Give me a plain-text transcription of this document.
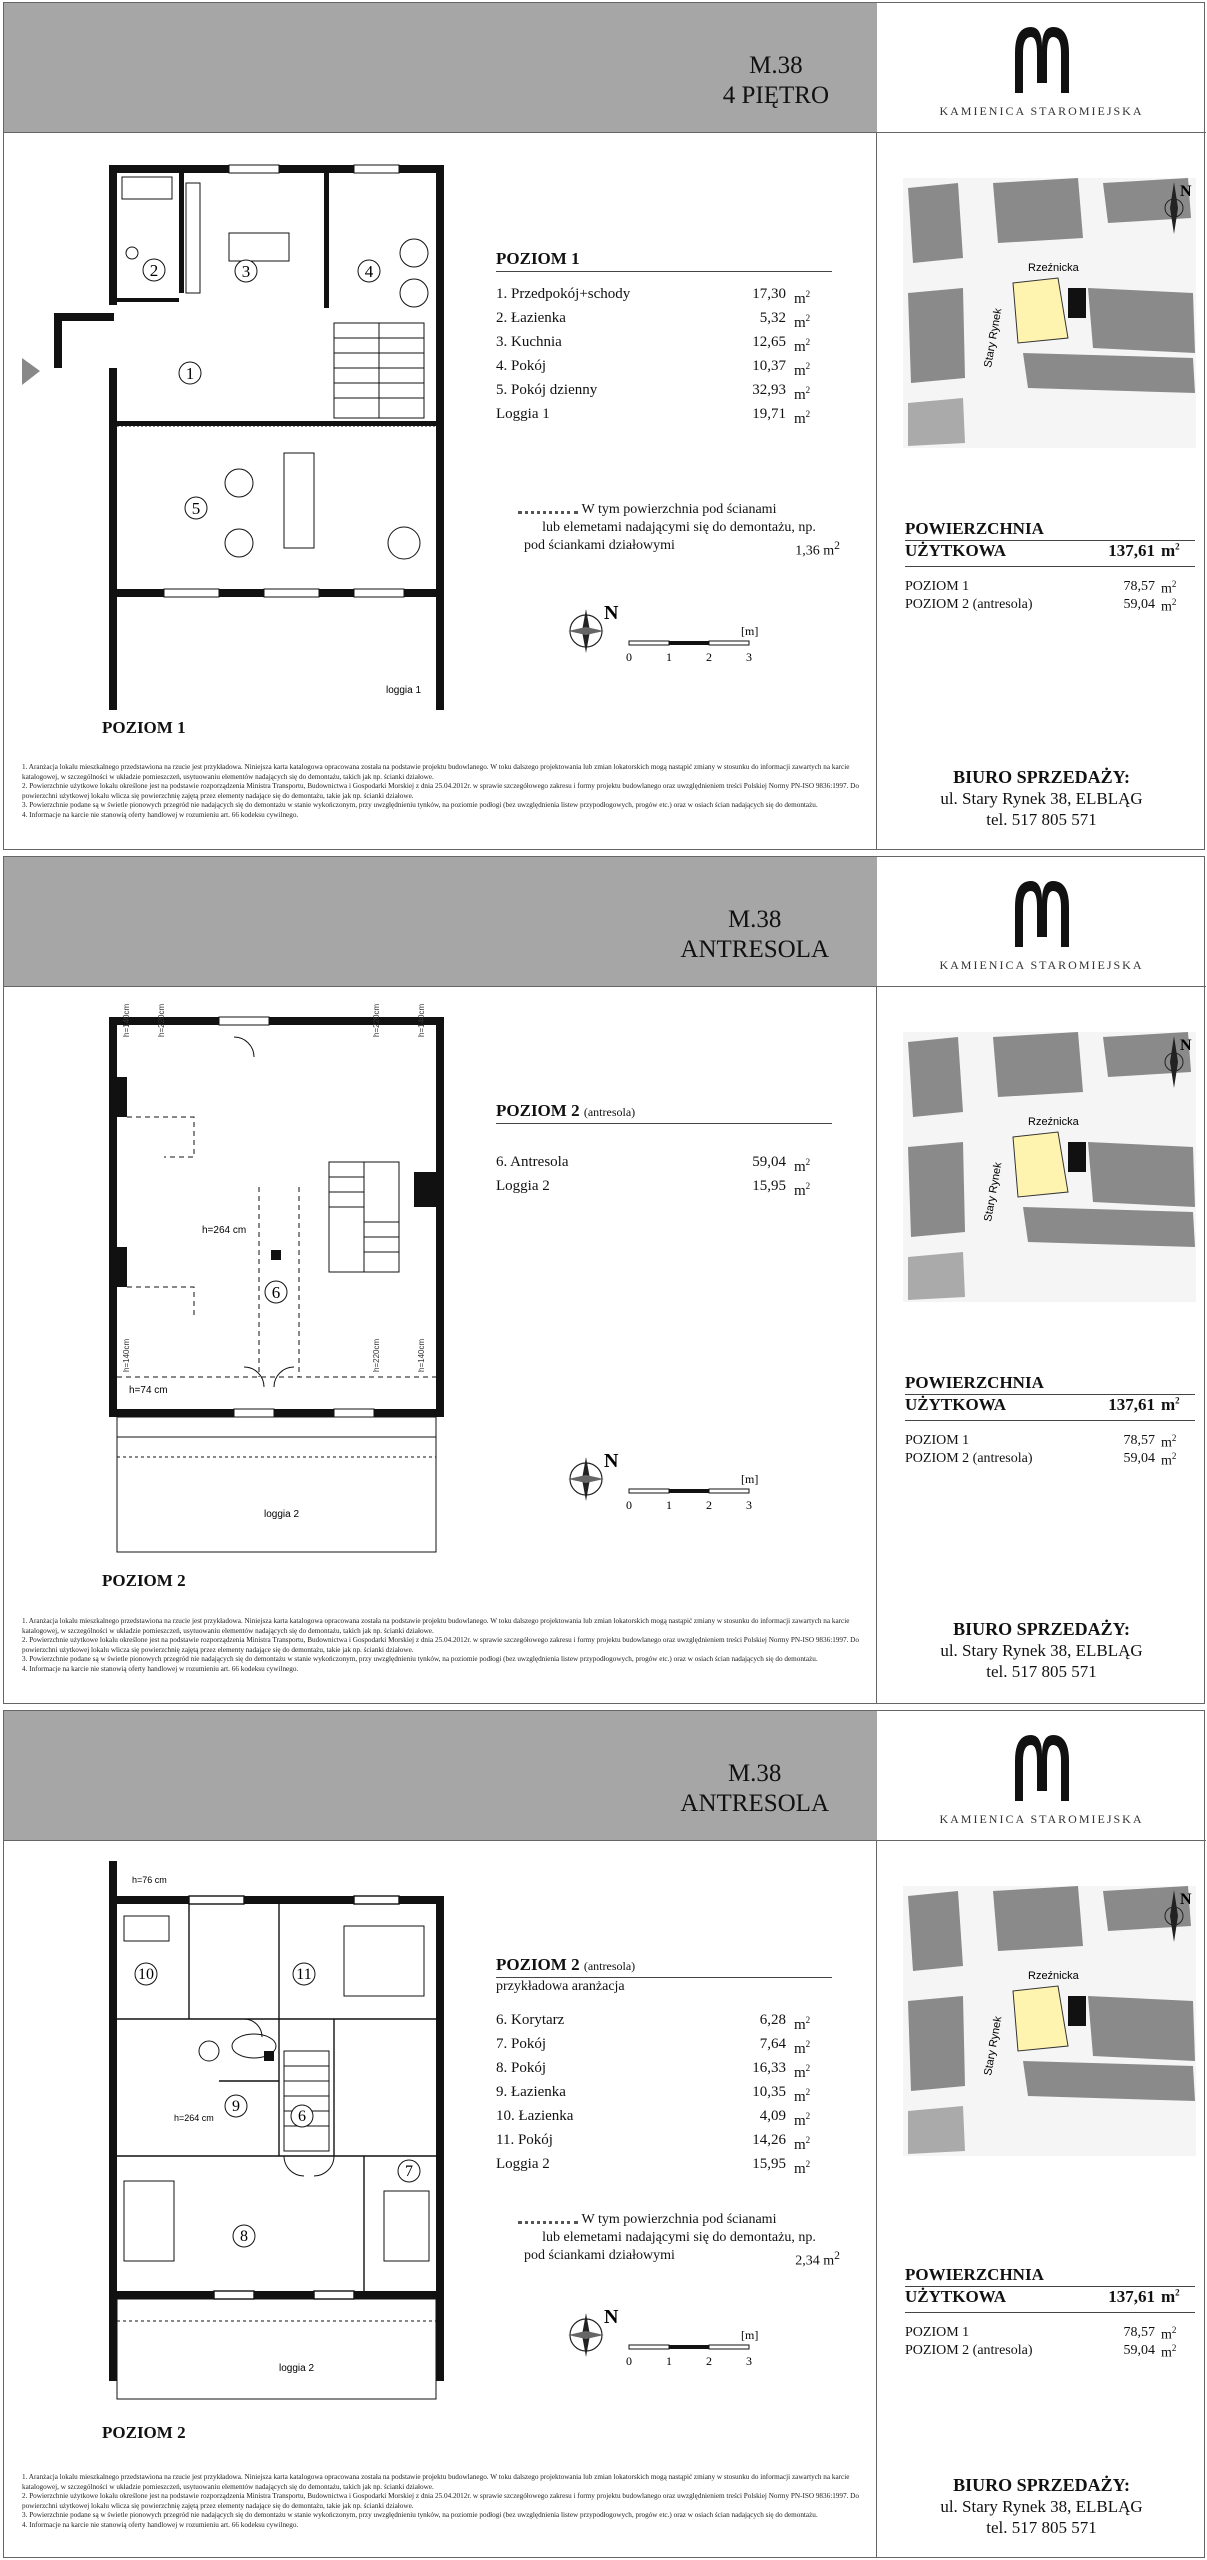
M.38
4 PIĘTRO
1
2	3	4
5
loggia 1
POZIOM 1
1. Przedpokój+schody	17,30 $m^2$
2. Łazienka	5,32 $m^2$
3. Kuchnia	12,65 $m^2$
4. Pokój	10,37 $m^2$
5. Pokój dzienny	32,93 $m^2$
Loggia 1	19,71 $m^2$
W tym powierzchnia pod ścianami
lub elemetami nadającymi się do demontażu, np.
pod ściankami działowymi	1,36 $m^2$
N
[m]
0	1	2	3
POZIOM 1
1. Aranżacja lokalu mieszkalnego przedstawiona na rzucie jest przykładowa. Niniejsza karta katalogowa opracowana została na podstawie projektu budowlanego. W toku dalszego projektowania lub zmian lokatorskich mogą nastąpić zmiany w stosunku do informacji zawartych na karcie katalogowej, w szczególności w układzie pomieszczeń, usytuowaniu elementów nadających się do demontażu, takich jak np. ścianki działowe.
2. Powierzchnie użytkowe lokalu określone jest na podstawie rozporządzenia Ministra Transportu, Budownictwa i Gospodarki Morskiej z dnia 25.04.2012r. w sprawie szczegółowego zakresu i formy projektu budowlanego oraz uwzględnieniem treści Polskiej Normy PN-ISO 9836:1997. Do powierzchni użytkowej lokalu wlicza się powierzchnię zajętą przez elementy nadające się do demontażu, takie jak np. ścianki działowe.
3. Powierzchnie podane są w świetle pionowych przegród nie nadających się do demontażu w stanie wykończonym, przy uwzględnieniu tynków, na poziomie podłogi (bez uwzględnienia listew przypodłogowych, progów etc.) oraz w osiach ścian nadających się do demontażu.
4. Informacje na karcie nie stanowią oferty handlowej w rozumieniu art. 66 kodeksu cywilnego.
KAMIENICA STAROMIEJSKA
Rzeźnicka
Stary Rynek
N
POWIERZCHNIA
UŻYTKOWA	137,61 $m^2$
POZIOM 1	78,57 $m^2$
POZIOM 2 (antresola)	59,04 $m^2$
BIURO SPRZEDAŻY:
ul. Stary Rynek 38, ELBLĄG
tel. 517 805 571
M.38
ANTRESOLA
h=140cm	h=220cm	h=220cm	h=140cm
h=140cm	h=220cm	h=140cm
h=264 cm
h=74 cm
6
loggia 2
POZIOM 2 (antresola)
6. Antresola	59,04 $m^2$
Loggia 2	15,95 $m^2$
N
[m]
0	1	2	3
POZIOM 2
1. Aranżacja lokalu mieszkalnego przedstawiona na rzucie jest przykładowa. Niniejsza karta katalogowa opracowana została na podstawie projektu budowlanego. W toku dalszego projektowania lub zmian lokatorskich mogą nastąpić zmiany w stosunku do informacji zawartych na karcie katalogowej, w szczególności w układzie pomieszczeń, usytuowaniu elementów nadających się do demontażu, takich jak np. ścianki działowe.
2. Powierzchnie użytkowe lokalu określone jest na podstawie rozporządzenia Ministra Transportu, Budownictwa i Gospodarki Morskiej z dnia 25.04.2012r. w sprawie szczegółowego zakresu i formy projektu budowlanego oraz uwzględnieniem treści Polskiej Normy PN-ISO 9836:1997. Do powierzchni użytkowej lokalu wlicza się powierzchnię zajętą przez elementy nadające się do demontażu, takie jak np. ścianki działowe.
3. Powierzchnie podane są w świetle pionowych przegród nie nadających się do demontażu w stanie wykończonym, przy uwzględnieniu tynków, na poziomie podłogi (bez uwzględnienia listew przypodłogowych, progów etc.) oraz w osiach ścian nadających się do demontażu.
4. Informacje na karcie nie stanowią oferty handlowej w rozumieniu art. 66 kodeksu cywilnego.
KAMIENICA STAROMIEJSKA
Rzeźnicka
Stary Rynek
N
POWIERZCHNIA
UŻYTKOWA	137,61 $m^2$
POZIOM 1	78,57 $m^2$
POZIOM 2 (antresola)	59,04 $m^2$
BIURO SPRZEDAŻY:
ul. Stary Rynek 38, ELBLĄG
tel. 517 805 571
M.38
ANTRESOLA
h=76 cm
h=264 cm
10	11
9
6
7
8
loggia 2
POZIOM 2 (antresola)
przykładowa aranżacja
6. Korytarz	6,28 $m^2$
7. Pokój	7,64 $m^2$
8. Pokój	16,33 $m^2$
9. Łazienka	10,35 $m^2$
10. Łazienka	4,09 $m^2$
11. Pokój	14,26 $m^2$
Loggia 2	15,95 $m^2$
W tym powierzchnia pod ścianami
lub elemetami nadającymi się do demontażu, np.
pod ściankami działowymi	2,34 $m^2$
N
[m]
0	1	2	3
POZIOM 2
1. Aranżacja lokalu mieszkalnego przedstawiona na rzucie jest przykładowa. Niniejsza karta katalogowa opracowana została na podstawie projektu budowlanego. W toku dalszego projektowania lub zmian lokatorskich mogą nastąpić zmiany w stosunku do informacji zawartych na karcie katalogowej, w szczególności w układzie pomieszczeń, usytuowaniu elementów nadających się do demontażu, takich jak np. ścianki działowe.
2. Powierzchnie użytkowe lokalu określone jest na podstawie rozporządzenia Ministra Transportu, Budownictwa i Gospodarki Morskiej z dnia 25.04.2012r. w sprawie szczegółowego zakresu i formy projektu budowlanego oraz uwzględnieniem treści Polskiej Normy PN-ISO 9836:1997. Do powierzchni użytkowej lokalu wlicza się powierzchnię zajętą przez elementy nadające się do demontażu, takie jak np. ścianki działowe.
3. Powierzchnie podane są w świetle pionowych przegród nie nadających się do demontażu w stanie wykończonym, przy uwzględnieniu tynków, na poziomie podłogi (bez uwzględnienia listew przypodłogowych, progów etc.) oraz w osiach ścian nadających się do demontażu.
4. Informacje na karcie nie stanowią oferty handlowej w rozumieniu art. 66 kodeksu cywilnego.
KAMIENICA STAROMIEJSKA
Rzeźnicka
Stary Rynek
N
POWIERZCHNIA
UŻYTKOWA	137,61 $m^2$
POZIOM 1	78,57 $m^2$
POZIOM 2 (antresola)	59,04 $m^2$
BIURO SPRZEDAŻY:
ul. Stary Rynek 38, ELBLĄG
tel. 517 805 571
